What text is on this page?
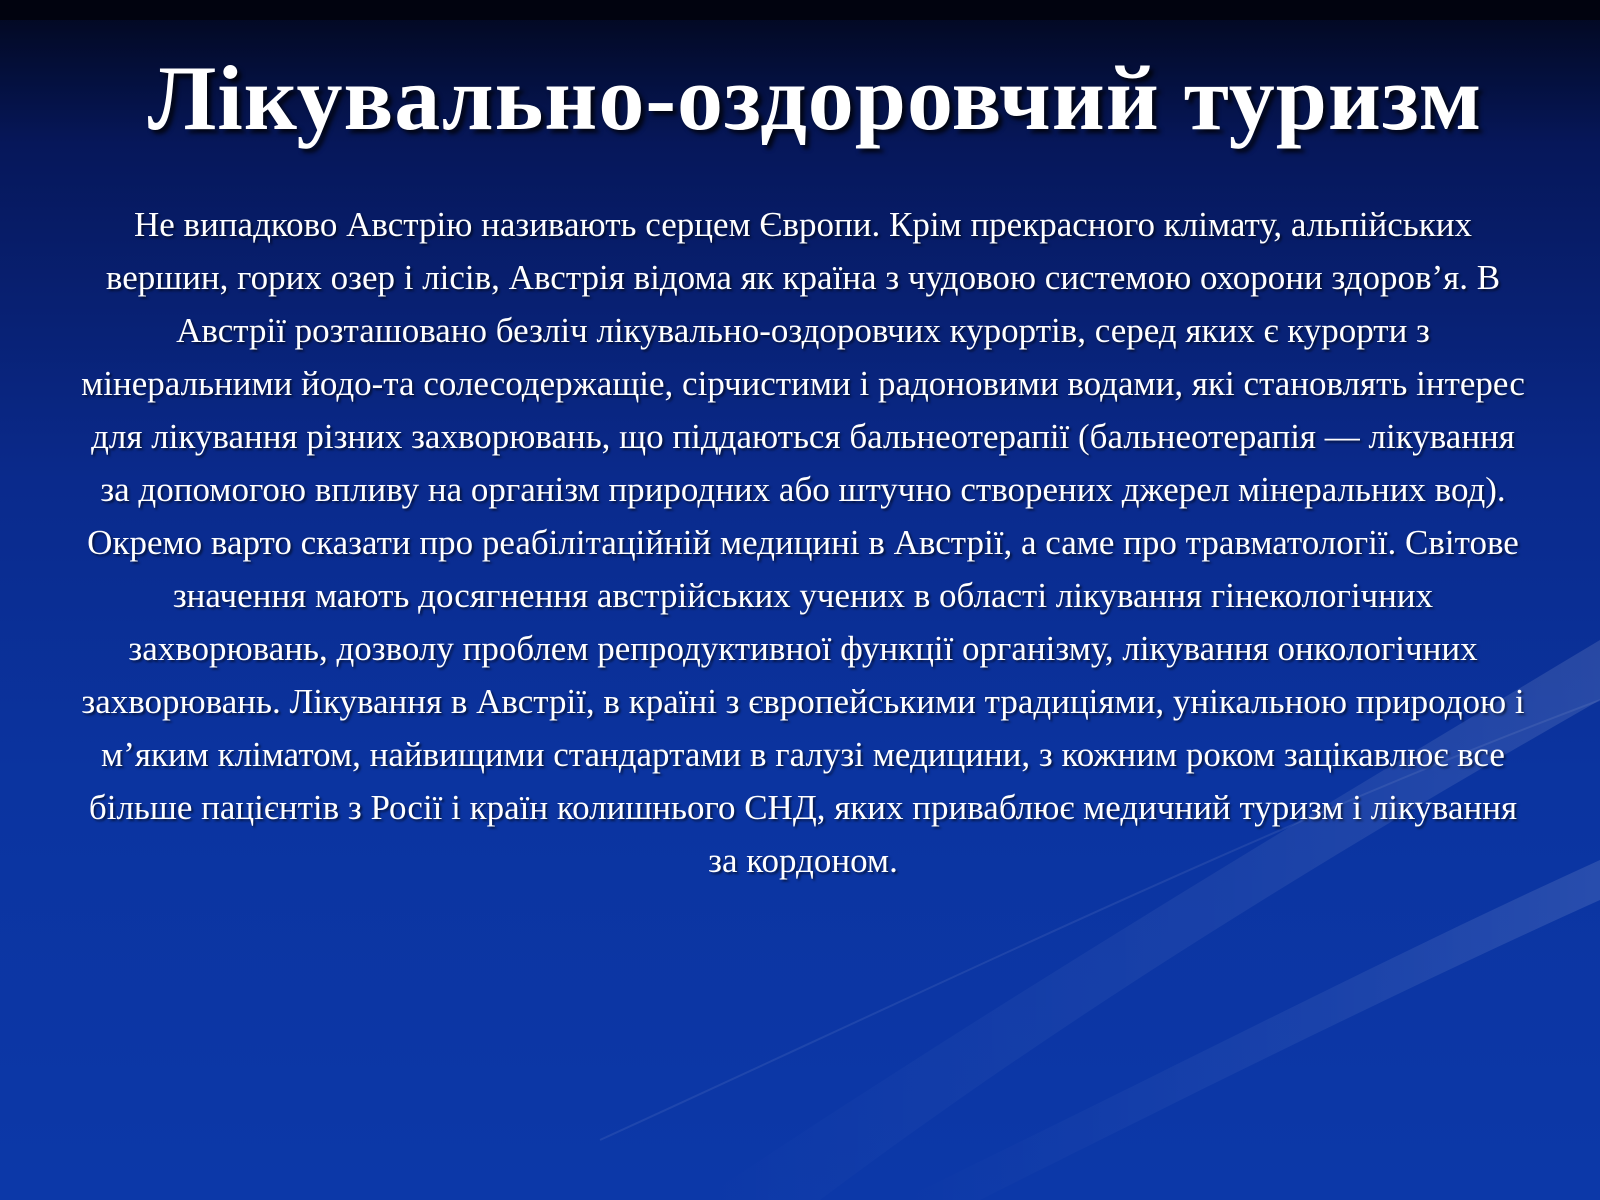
Лікувально-оздоровчий туризм

Не випадково Австрію називають серцем Європи. Крім прекрасного клімату, альпійських вершин, горих озер і лісів, Австрія відома як країна з чудовою системою охорони здоров’я. В Австрії розташовано безліч лікувально-оздоровчих курортів, серед яких є курорти з мінеральними йодо-та солесодержащіе, сірчистими і радоновими водами, які становлять інтерес для лікування різних захворювань, що піддаються бальнеотерапії (бальнеотерапія — лікування за допомогою впливу на організм природних або штучно створених джерел мінеральних вод). Окремо варто сказати про реабілітаційній медицині в Австрії, а саме про травматології. Світове значення мають досягнення австрійських учених в області лікування гінекологічних захворювань, дозволу проблем репродуктивної функції організму, лікування онкологічних захворювань. Лікування в Австрії, в країні з європейськими традиціями, унікальною природою і м’яким кліматом, найвищими стандартами в галузі медицини, з кожним роком зацікавлює все більше пацієнтів з Росії і країн колишнього СНД, яких приваблює медичний туризм і лікування за кордоном.
